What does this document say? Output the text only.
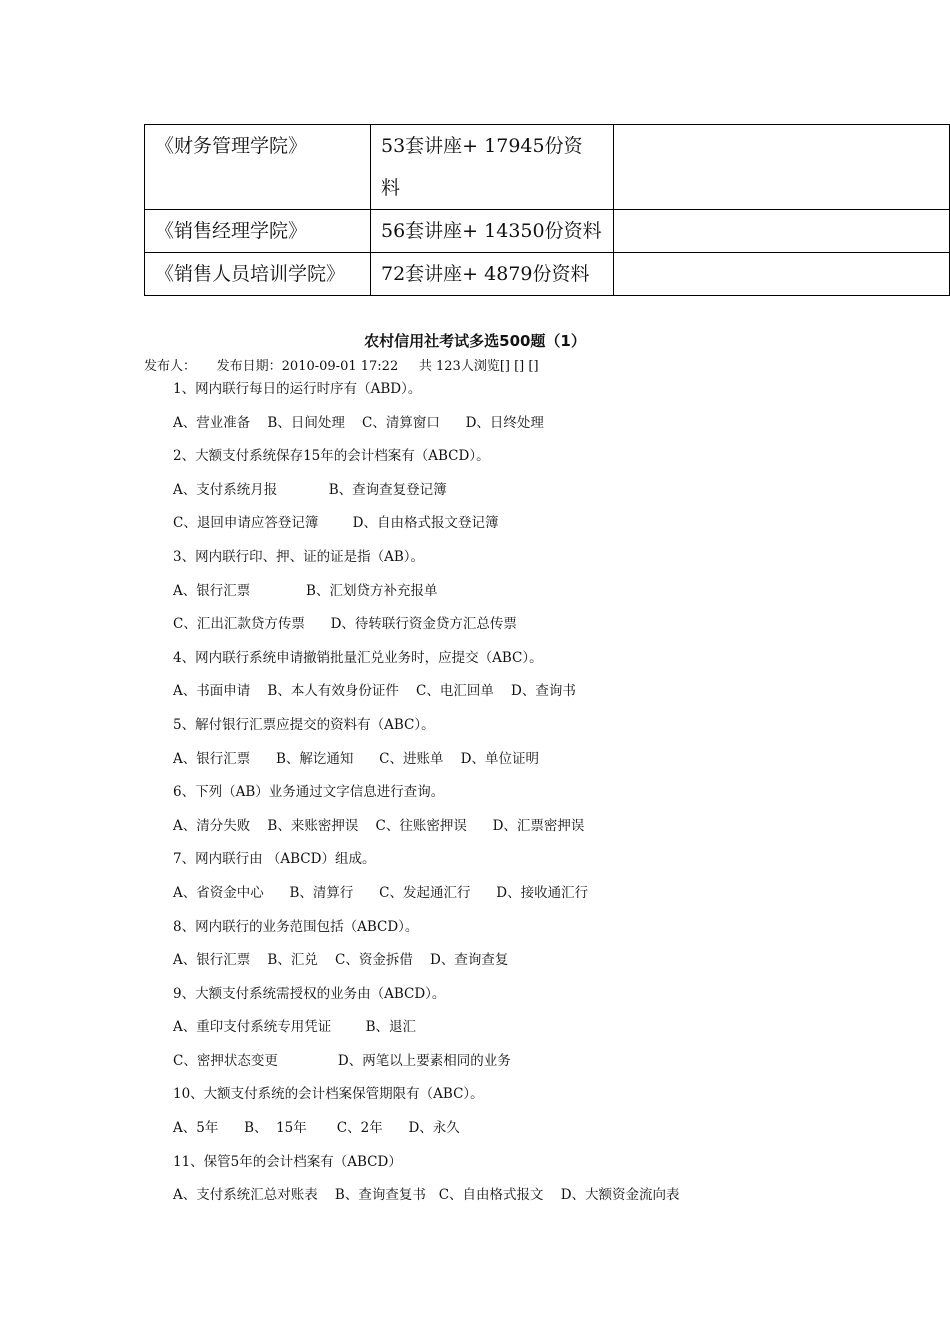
《财务管理学院》	53套讲座+ 17945份资
料	

《销售经理学院》	56套讲座+ 14350份资料	
《销售人员培训学院》	72套讲座+ 4879份资料	
农村信用社考试多选500题（1）
发布人：     发布日期：2010-09-01 17:22     共 123人浏览[] [] []
1、网内联行每日的运行时序有（ABD）。
A、营业准备    B、日间处理    C、清算窗口      D、日终处理
2、大额支付系统保存15年的会计档案有（ABCD）。
A、支付系统月报            B、查询查复登记簿
C、退回申请应答登记簿        D、自由格式报文登记簿
3、网内联行印、押、证的证是指（AB）。
A、银行汇票             B、汇划贷方补充报单
C、汇出汇款贷方传票      D、待转联行资金贷方汇总传票
4、网内联行系统申请撤销批量汇兑业务时，应提交（ABC）。
A、书面申请    B、本人有效身份证件    C、电汇回单    D、查询书
5、解付银行汇票应提交的资料有（ABC）。
A、银行汇票      B、解讫通知      C、进账单    D、单位证明
6、下列（AB）业务通过文字信息进行查询。
A、清分失败    B、来账密押误    C、往账密押误      D、汇票密押误
7、网内联行由 （ABCD）组成。
A、省资金中心      B、清算行      C、发起通汇行      D、接收通汇行
8、网内联行的业务范围包括（ABCD）。
A、银行汇票    B、汇兑    C、资金拆借    D、查询查复
9、大额支付系统需授权的业务由（ABCD）。
A、重印支付系统专用凭证        B、退汇
C、密押状态变更              D、两笔以上要素相同的业务
10、大额支付系统的会计档案保管期限有（ABC）。
A、5年      B、  15年       C、2年      D、永久
11、保管5年的会计档案有（ABCD）
A、支付系统汇总对账表    B、查询查复书   C、自由格式报文    D、大额资金流向表
